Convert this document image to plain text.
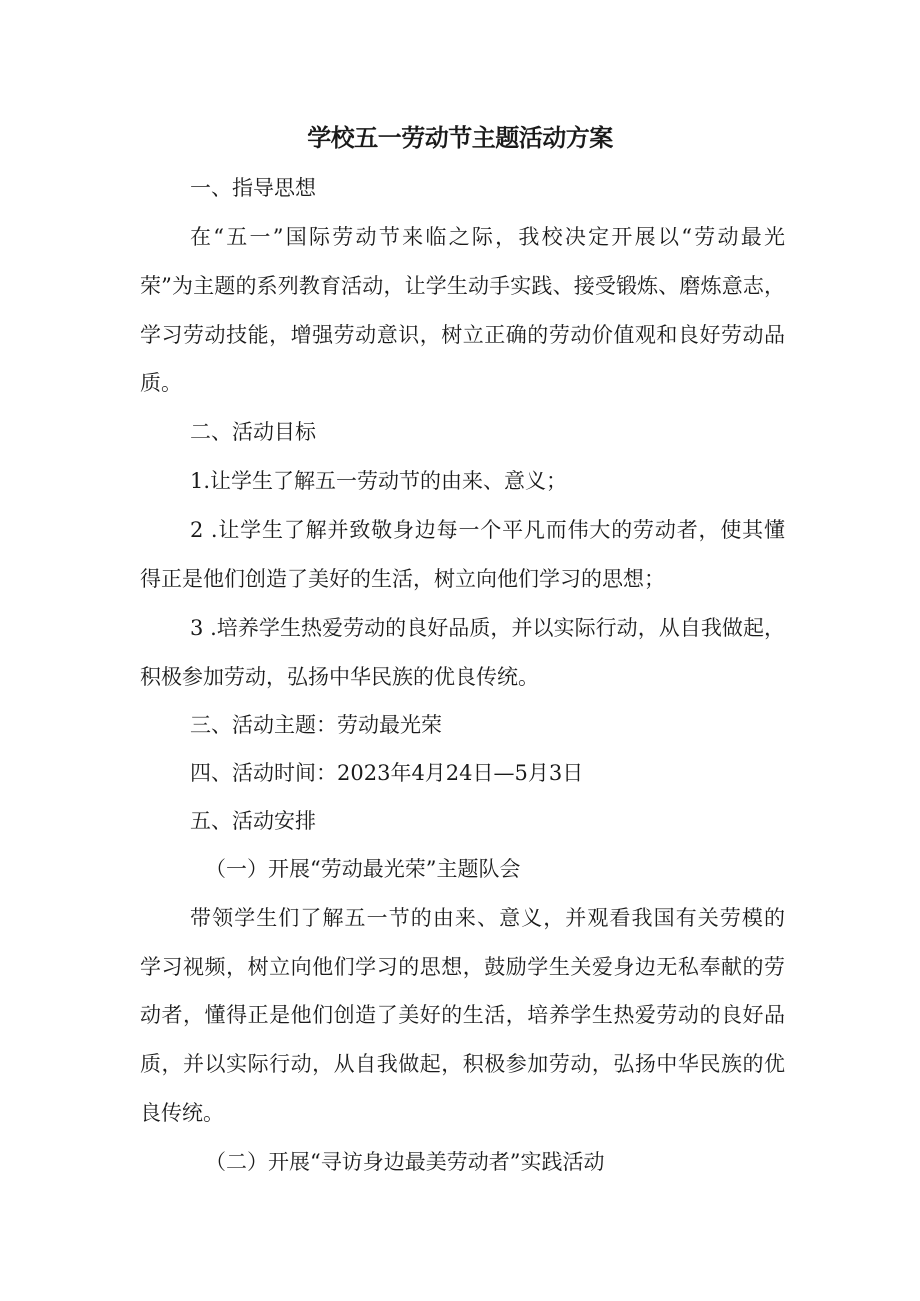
学校五一劳动节主题活动方案
一、指导思想
在“五一”国际劳动节来临之际，我校决定开展以“劳动最光
荣”为主题的系列教育活动，让学生动手实践、接受锻炼、磨炼意志，
学习劳动技能，增强劳动意识，树立正确的劳动价值观和良好劳动品
质。
二、活动目标
1.让学生了解五一劳动节的由来、意义；
2 .让学生了解并致敬身边每一个平凡而伟大的劳动者，使其懂
得正是他们创造了美好的生活，树立向他们学习的思想；
3 .培养学生热爱劳动的良好品质，并以实际行动，从自我做起，
积极参加劳动，弘扬中华民族的优良传统。
三、活动主题：劳动最光荣
四、活动时间：2023年4月24日—5月3日
五、活动安排
（一）开展“劳动最光荣”主题队会
带领学生们了解五一节的由来、意义，并观看我国有关劳模的
学习视频，树立向他们学习的思想，鼓励学生关爱身边无私奉献的劳
动者，懂得正是他们创造了美好的生活，培养学生热爱劳动的良好品
质，并以实际行动，从自我做起，积极参加劳动，弘扬中华民族的优
良传统。
（二）开展“寻访身边最美劳动者”实践活动
